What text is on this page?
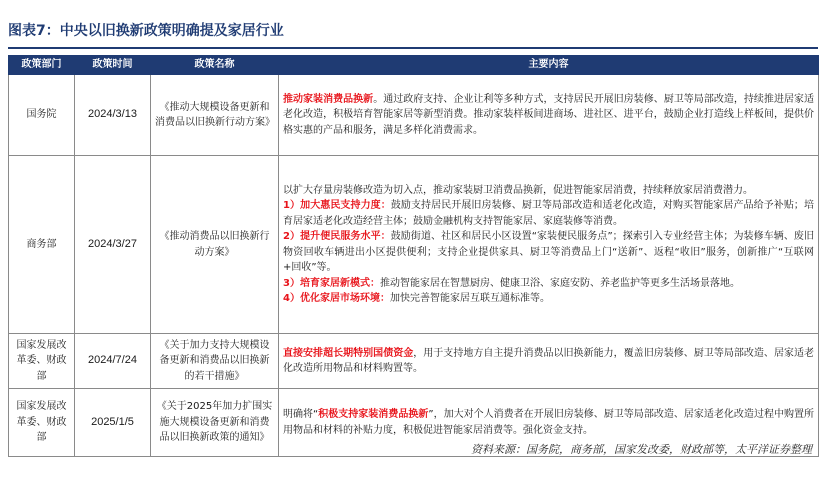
图表7：中央以旧换新政策明确提及家居行业
政策部门	政策时间	政策名称	主要内容
国务院	2024/3/13	《推动大规模设备更新和消费品以旧换新行动方案》	推动家装消费品换新。通过政府支持、企业让利等多种方式，支持居民开展旧房装修、厨卫等局部改造，持续推进居家适老化改造，积极培育智能家居等新型消费。推动家装样板间进商场、进社区、进平台，鼓励企业打造线上样板间，提供价格实惠的产品和服务，满足多样化消费需求。
商务部	2024/3/27	《推动消费品以旧换新行动方案》	以扩大存量房装修改造为切入点，推动家装厨卫消费品换新，促进智能家居消费，持续释放家居消费潜力。
1）加大惠民支持力度：鼓励支持居民开展旧房装修、厨卫等局部改造和适老化改造，对购买智能家居产品给予补贴；培育居家适老化改造经营主体；鼓励金融机构支持智能家居、家庭装修等消费。
2）提升便民服务水平：鼓励街道、社区和居民小区设置“家装便民服务点”；探索引入专业经营主体；为装修车辆、废旧物资回收车辆进出小区提供便利；支持企业提供家具、厨卫等消费品上门“送新”、返程“收旧”服务，创新推广“互联网+回收”等。
3）培育家居新模式：推动智能家居在智慧厨房、健康卫浴、家庭安防、养老监护等更多生活场景落地。
4）优化家居市场环境：加快完善智能家居互联互通标准等。

国家发展改革委、财政部	2024/7/24	《关于加力支持大规模设备更新和消费品以旧换新的若干措施》	直接安排超长期特别国债资金，用于支持地方自主提升消费品以旧换新能力，覆盖旧房装修、厨卫等局部改造、居家适老化改造所用物品和材料购置等。
国家发展改革委、财政部	2025/1/5	《关于2025年加力扩围实施大规模设备更新和消费品以旧换新政策的通知》	明确将“积极支持家装消费品换新”，加大对个人消费者在开展旧房装修、厨卫等局部改造、居家适老化改造过程中购置所用物品和材料的补贴力度，积极促进智能家居消费等。强化资金支持。
资料来源：国务院，商务部，国家发改委，财政部等，太平洋证券整理
